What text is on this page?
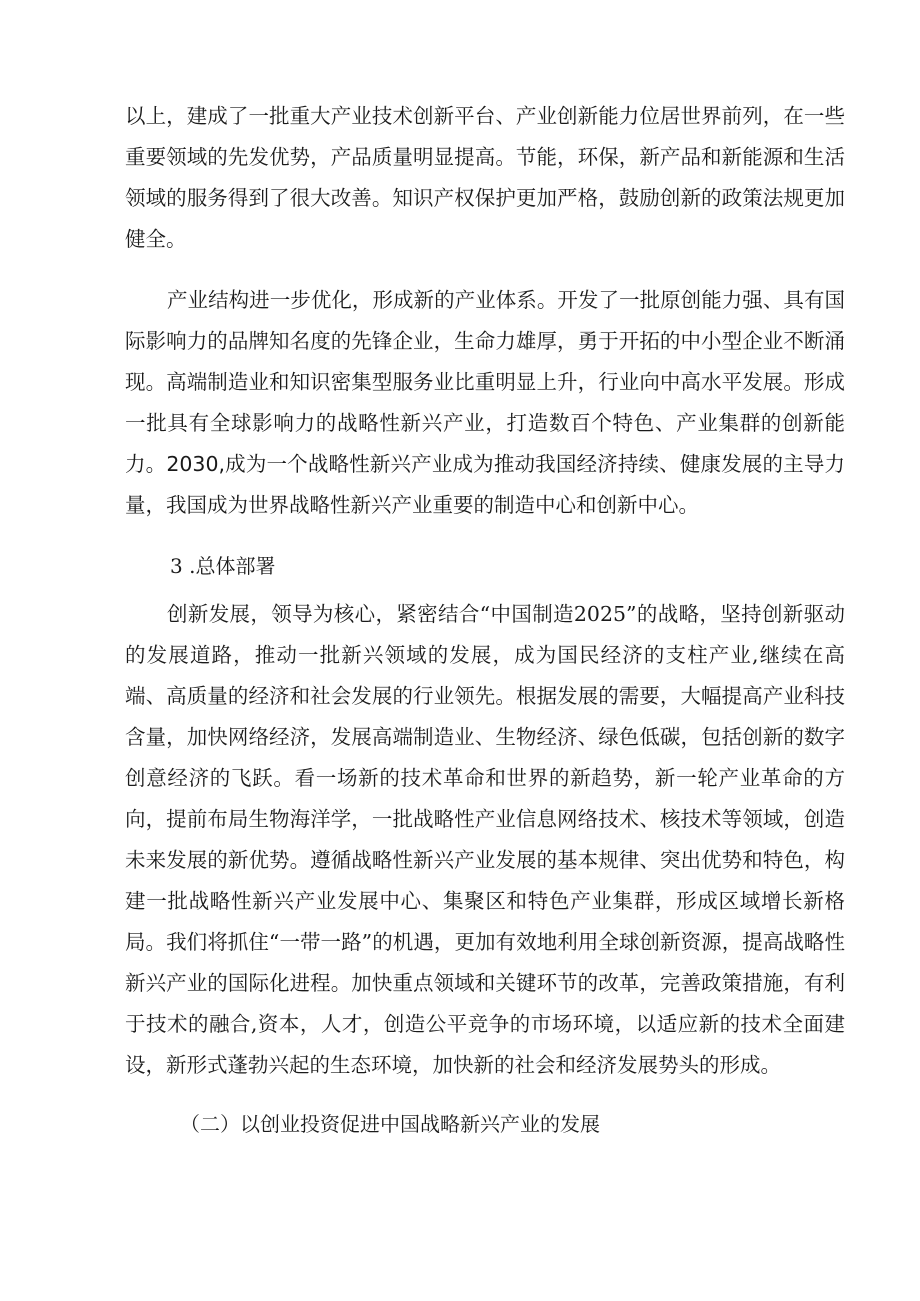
以上，建成了一批重大产业技术创新平台、产业创新能力位居世界前列，在一些重要领域的先发优势，产品质量明显提高。节能，环保，新产品和新能源和生活领域的服务得到了很大改善。知识产权保护更加严格，鼓励创新的政策法规更加健全。

产业结构进一步优化，形成新的产业体系。开发了一批原创能力强、具有国际影响力的品牌知名度的先锋企业，生命力雄厚，勇于开拓的中小型企业不断涌现。高端制造业和知识密集型服务业比重明显上升，行业向中高水平发展。形成一批具有全球影响力的战略性新兴产业，打造数百个特色、产业集群的创新能力。2030,成为一个战略性新兴产业成为推动我国经济持续、健康发展的主导力量，我国成为世界战略性新兴产业重要的制造中心和创新中心。

3 .总体部署

创新发展，领导为核心，紧密结合“中国制造2025”的战略，坚持创新驱动的发展道路，推动一批新兴领域的发展，成为国民经济的支柱产业,继续在高端、高质量的经济和社会发展的行业领先。根据发展的需要，大幅提高产业科技含量，加快网络经济，发展高端制造业、生物经济、绿色低碳，包括创新的数字创意经济的飞跃。看一场新的技术革命和世界的新趋势，新一轮产业革命的方向，提前布局生物海洋学，一批战略性产业信息网络技术、核技术等领域，创造未来发展的新优势。遵循战略性新兴产业发展的基本规律、突出优势和特色，构建一批战略性新兴产业发展中心、集聚区和特色产业集群，形成区域增长新格局。我们将抓住“一带一路”的机遇，更加有效地利用全球创新资源，提高战略性新兴产业的国际化进程。加快重点领域和关键环节的改革，完善政策措施，有利于技术的融合,资本，人才，创造公平竞争的市场环境，以适应新的技术全面建设，新形式蓬勃兴起的生态环境，加快新的社会和经济发展势头的形成。

（二）以创业投资促进中国战略新兴产业的发展
